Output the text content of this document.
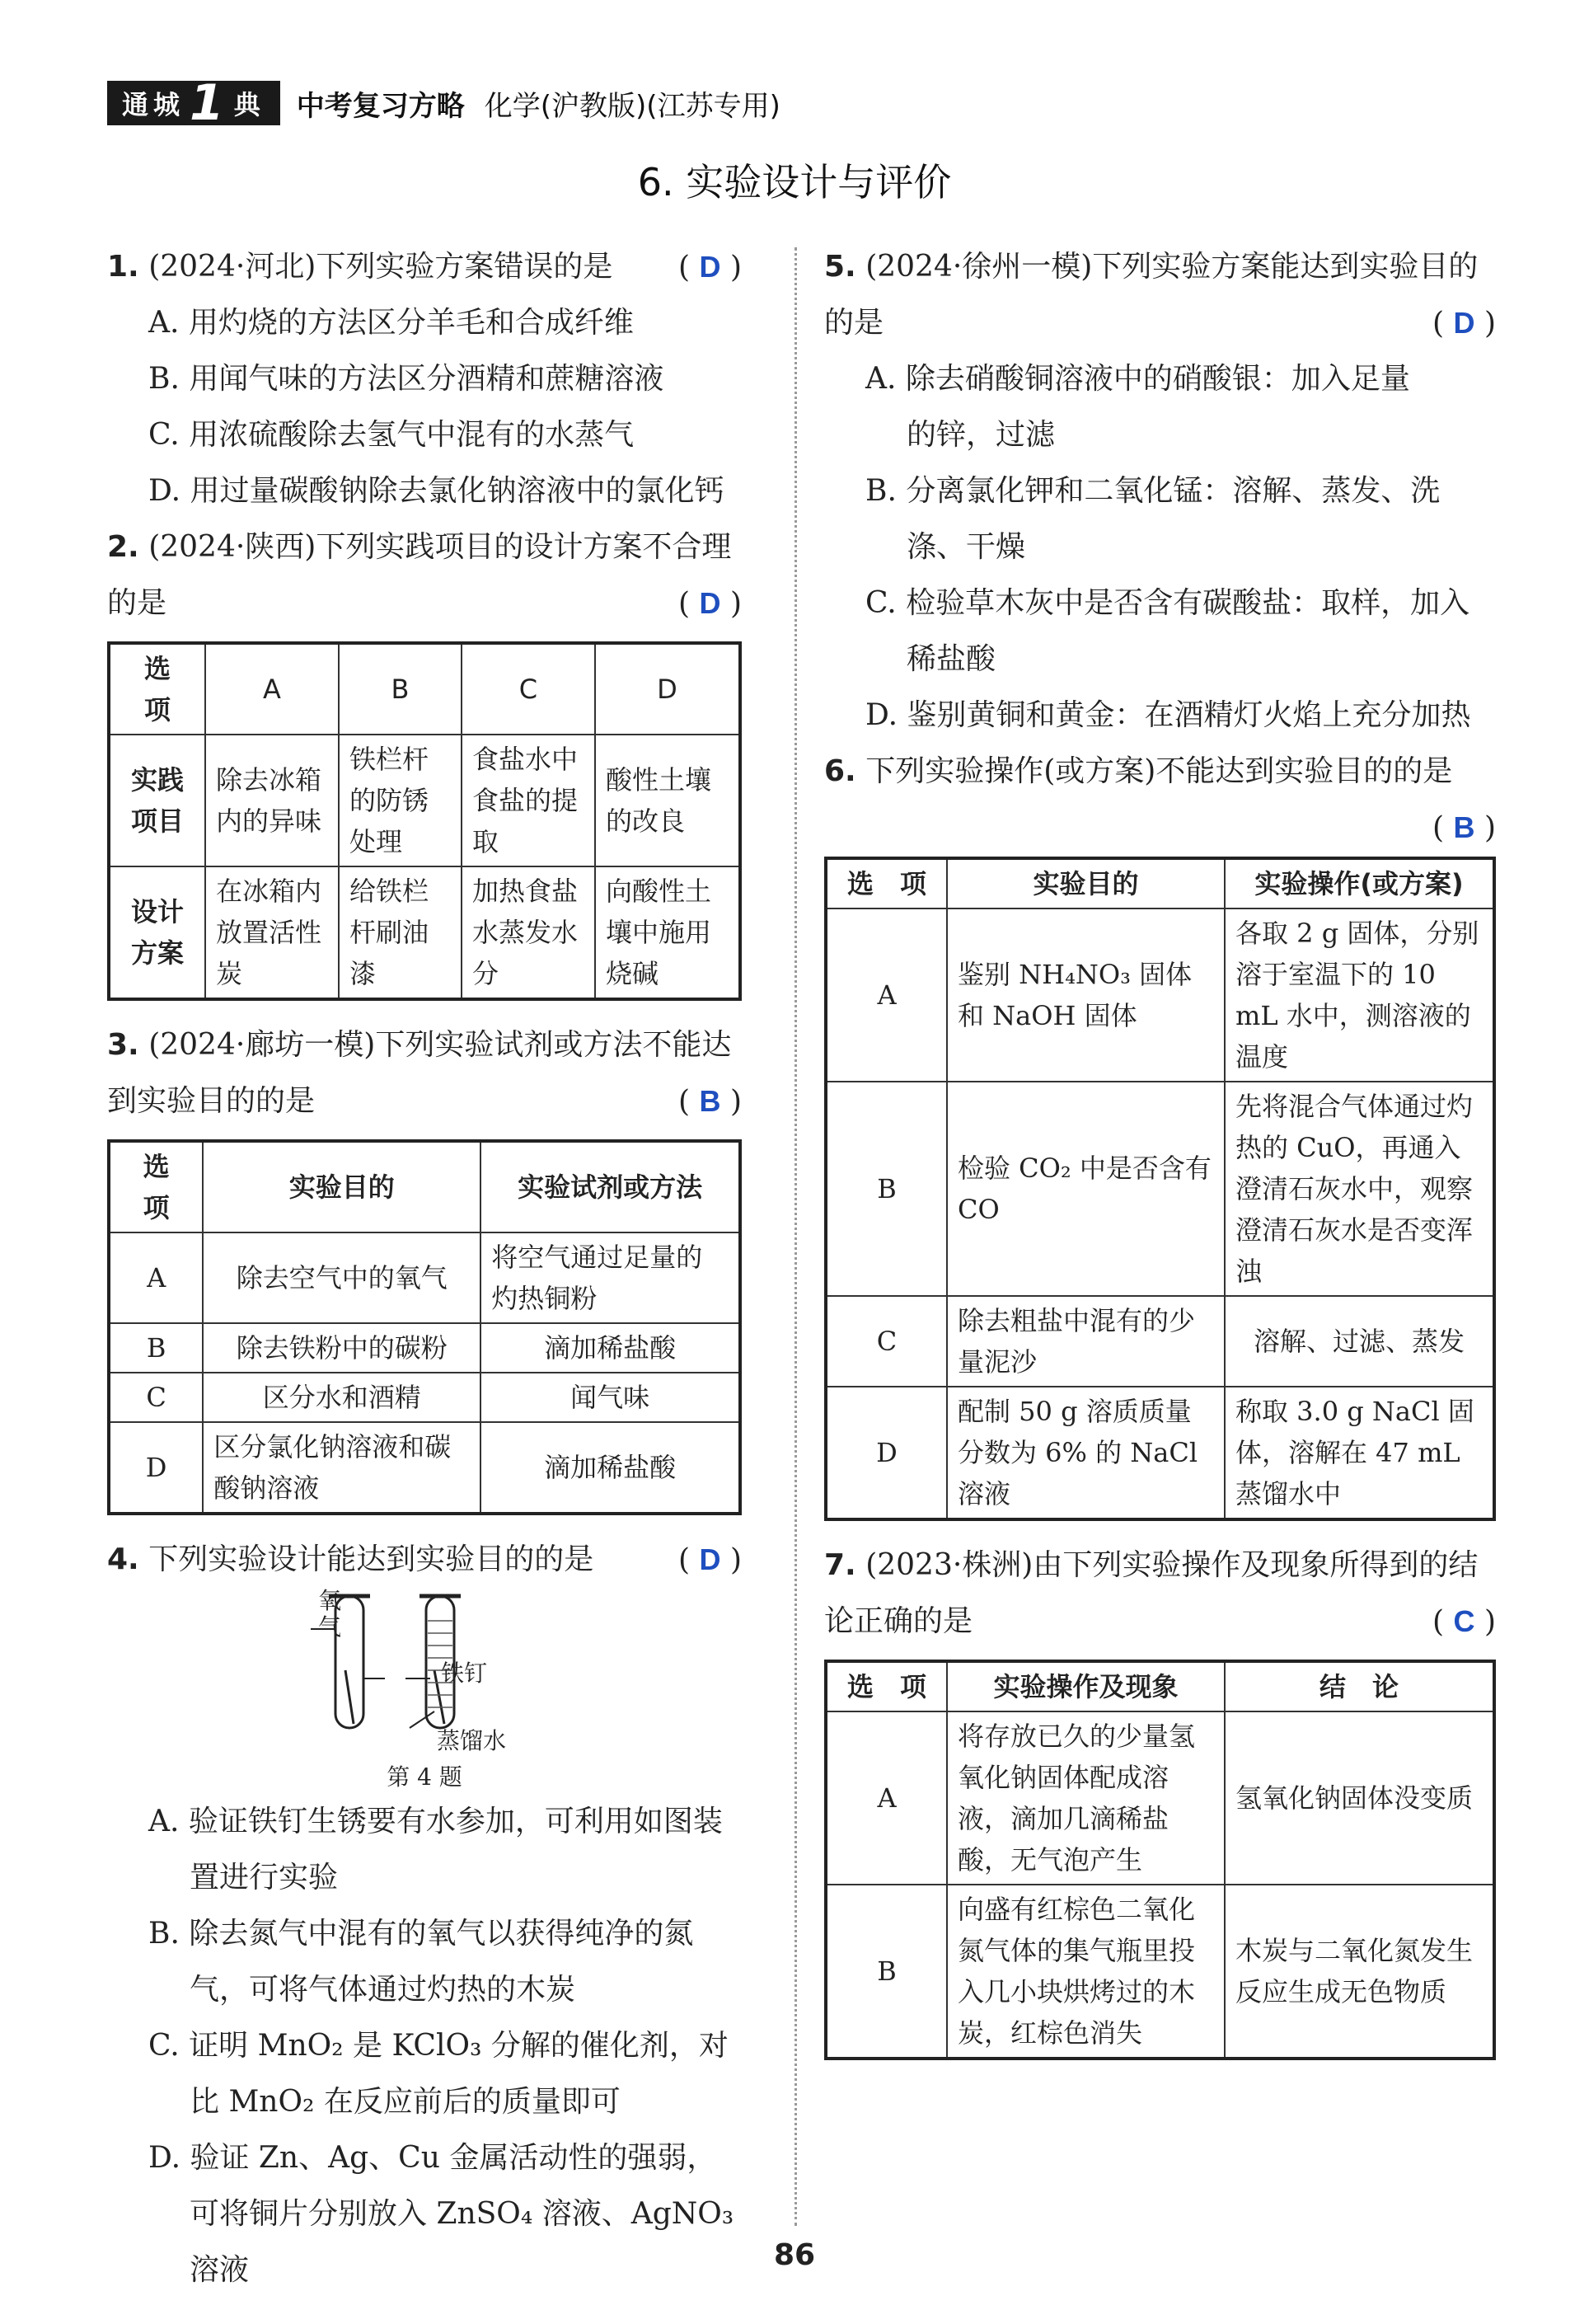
通城 1 典 中考复习方略 化学(沪教版)(江苏专用)
6. 实验设计与评价

1. (2024·河北)下列实验方案错误的是 ( D )

A. 用灼烧的方法区分羊毛和合成纤维

B. 用闻气味的方法区分酒精和蔗糖溶液

C. 用浓硫酸除去氢气中混有的水蒸气

D. 用过量碳酸钠除去氯化钠溶液中的氯化钙

2. (2024·陕西)下列实践项目的设计方案不合理的是	( D )

选　项	A	B	C	D
实践项目	除去冰箱内的异味	铁栏杆的防锈处理	食盐水中食盐的提取	酸性土壤的改良
设计方案	在冰箱内放置活性炭	给铁栏杆刷油漆	加热食盐水蒸发水分	向酸性土壤中施用烧碱

3. (2024·廊坊一模)下列实验试剂或方法不能达到实验目的的是	( B )

选　项	实验目的	实验试剂或方法
A	除去空气中的氧气	将空气通过足量的灼热铜粉
B	除去铁粉中的碳粉	滴加稀盐酸
C	区分水和酒精	闻气味
D	区分氯化钠溶液和碳酸钠溶液	滴加稀盐酸

4. 下列实验设计能达到实验目的的是	( D )

氧气
铁钉
蒸馏水
第 4 题

A. 验证铁钉生锈要有水参加，可利用如图装置进行实验

B. 除去氮气中混有的氧气以获得纯净的氮气，可将气体通过灼热的木炭

C. 证明 MnO₂ 是 KClO₃ 分解的催化剂，对比 MnO₂ 在反应前后的质量即可

D. 验证 Zn、Ag、Cu 金属活动性的强弱，可将铜片分别放入 ZnSO₄ 溶液、AgNO₃ 溶液

5. (2024·徐州一模)下列实验方案能达到实验目的的是	( D )

A. 除去硝酸铜溶液中的硝酸银：加入足量的锌，过滤

B. 分离氯化钾和二氧化锰：溶解、蒸发、洗涤、干燥

C. 检验草木灰中是否含有碳酸盐：取样，加入稀盐酸

D. 鉴别黄铜和黄金：在酒精灯火焰上充分加热

6. 下列实验操作(或方案)不能达到实验目的的是
( B )

选　项	实验目的	实验操作(或方案)
A	鉴别 NH₄NO₃ 固体和 NaOH 固体	各取 2 g 固体，分别溶于室温下的 10 mL 水中，测溶液的温度
B	检验 CO₂ 中是否含有 CO	先将混合气体通过灼热的 CuO，再通入澄清石灰水中，观察澄清石灰水是否变浑浊
C	除去粗盐中混有的少量泥沙	溶解、过滤、蒸发
D	配制 50 g 溶质质量分数为 6% 的 NaCl 溶液	称取 3.0 g NaCl 固体，溶解在 47 mL 蒸馏水中

7. (2023·株洲)由下列实验操作及现象所得到的结论正确的是	( C )

选　项	实验操作及现象	结　论
A	将存放已久的少量氢氧化钠固体配成溶液，滴加几滴稀盐酸，无气泡产生	氢氧化钠固体没变质
B	向盛有红棕色二氧化氮气体的集气瓶里投入几小块烘烤过的木炭，红棕色消失	木炭与二氧化氮发生反应生成无色物质
86
